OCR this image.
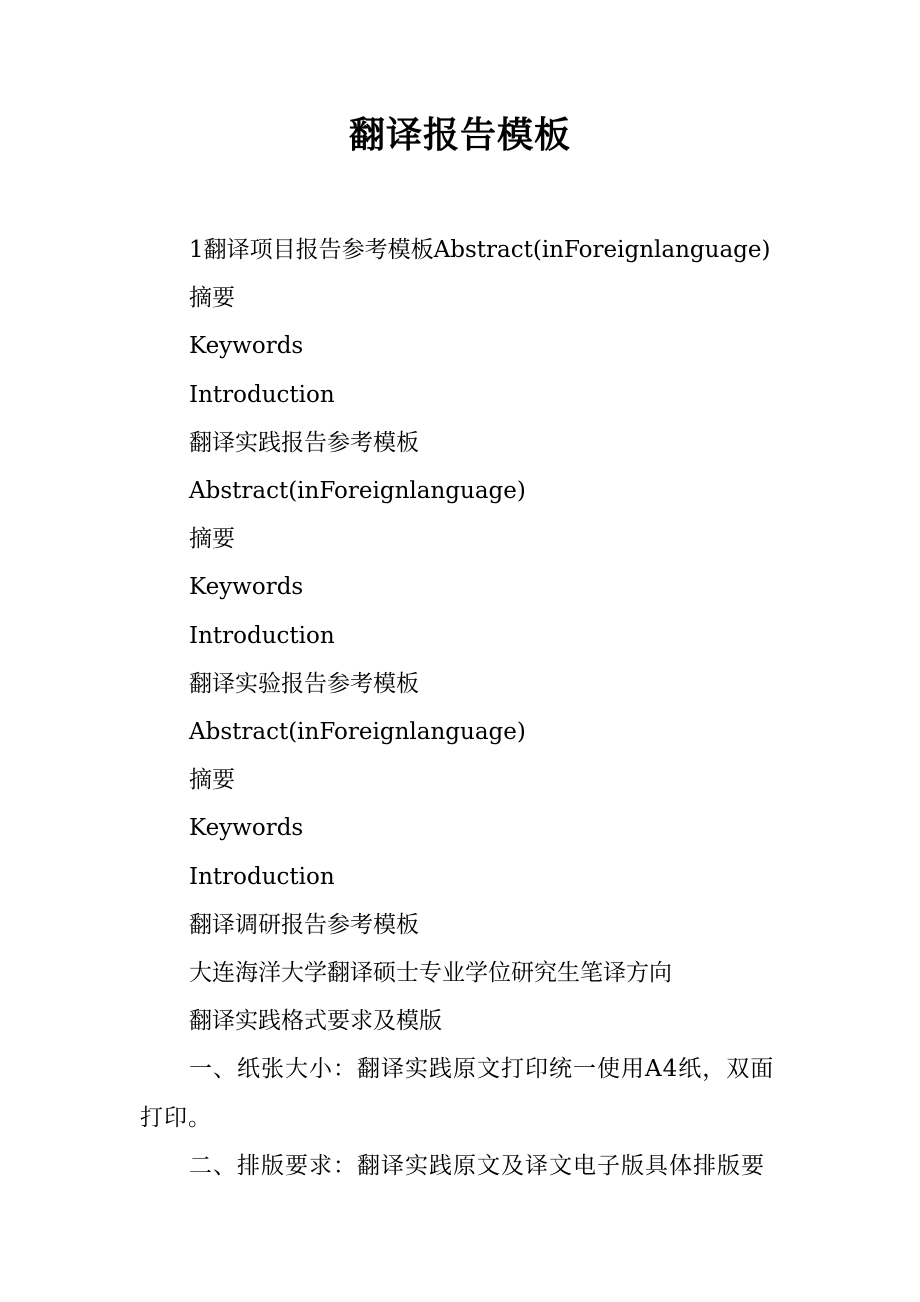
翻译报告模板

1翻译项目报告参考模板Abstract(inForeignlanguage)

摘要

Keywords

Introduction

翻译实践报告参考模板

Abstract(inForeignlanguage)

摘要

Keywords

Introduction

翻译实验报告参考模板

Abstract(inForeignlanguage)

摘要

Keywords

Introduction

翻译调研报告参考模板

大连海洋大学翻译硕士专业学位研究生笔译方向

翻译实践格式要求及模版

一、纸张大小：翻译实践原文打印统一使用A4纸，双面打印。

二、排版要求：翻译实践原文及译文电子版具体排版要
